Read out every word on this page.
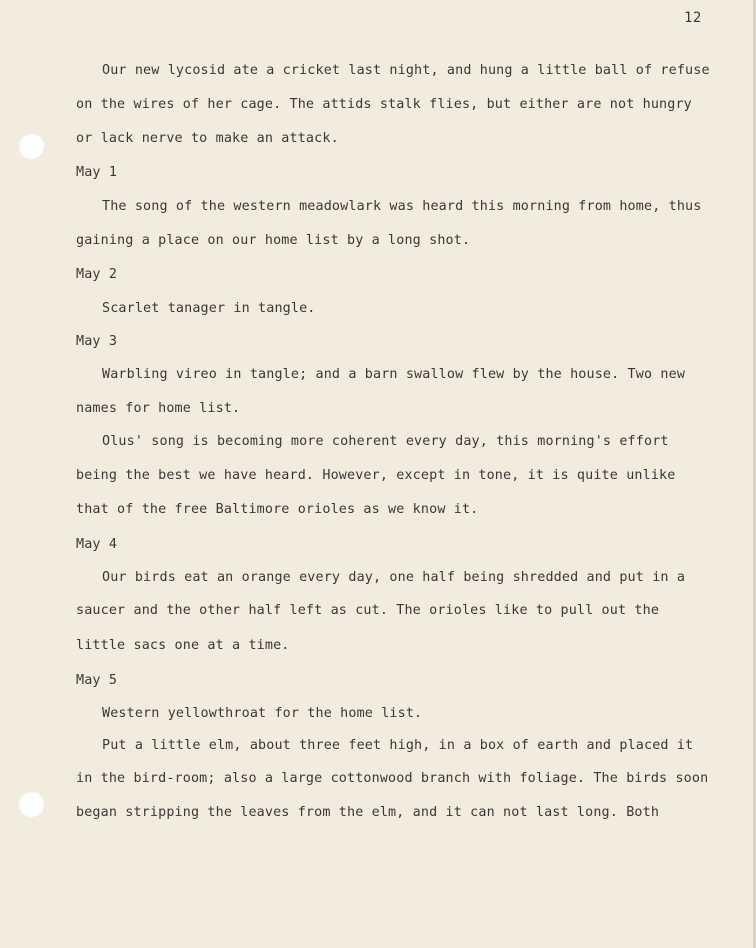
12
Our new lycosid ate a cricket last night, and hung a little ball of refuse
on the wires of her cage. The attids stalk flies, but either are not hungry
or lack nerve to make an attack.
May 1
The song of the western meadowlark was heard this morning from home, thus
gaining a place on our home list by a long shot.
May 2
Scarlet tanager in tangle.
May 3
Warbling vireo in tangle; and a barn swallow flew by the house. Two new
names for home list.
Olus' song is becoming more coherent every day, this morning's effort
being the best we have heard. However, except in tone, it is quite unlike
that of the free Baltimore orioles as we know it.
May 4
Our birds eat an orange every day, one half being shredded and put in a
saucer and the other half left as cut. The orioles like to pull out the
little sacs one at a time.
May 5
Western yellowthroat for the home list.
Put a little elm, about three feet high, in a box of earth and placed it
in the bird-room; also a large cottonwood branch with foliage. The birds soon
began stripping the leaves from the elm, and it can not last long. Both
